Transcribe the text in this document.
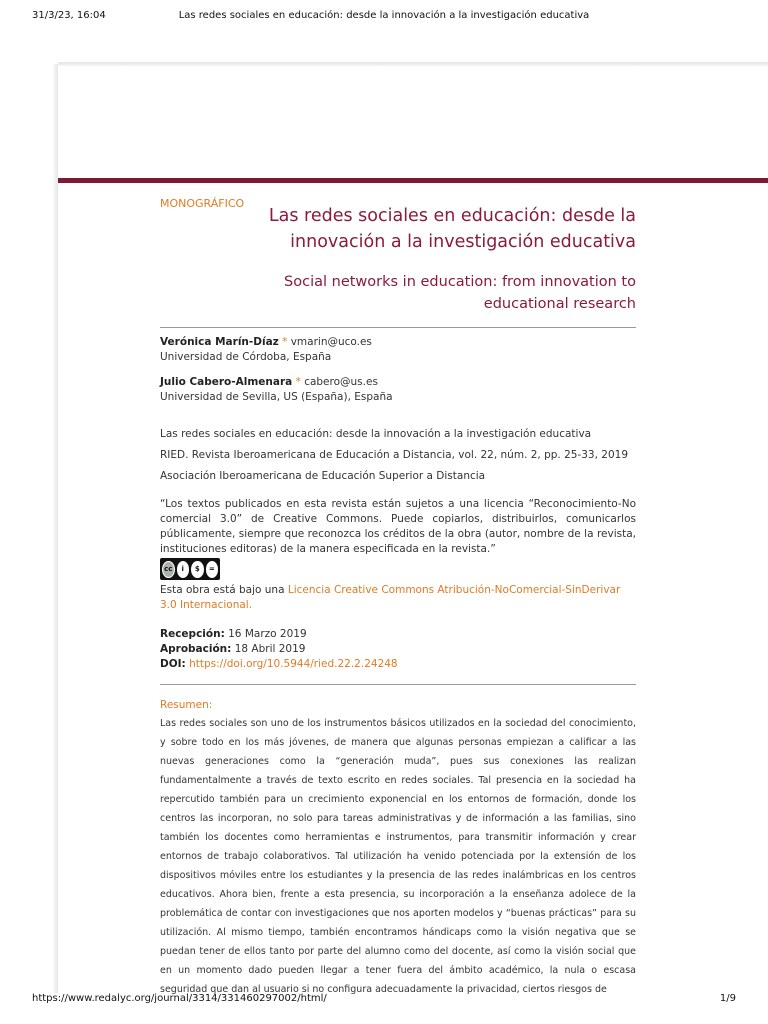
31/3/23, 16:04	Las redes sociales en educación: desde la innovación a la investigación educativa
MONOGRÁFICO
Las redes sociales en educación: desde la innovación a la investigación educativa
Social networks in education: from innovation to educational research
Verónica Marín-Díaz * vmarin@uco.es
Universidad de Córdoba, España
Julio Cabero-Almenara * cabero@us.es
Universidad de Sevilla, US (España), España
Las redes sociales en educación: desde la innovación a la investigación educativa
RIED. Revista Iberoamericana de Educación a Distancia, vol. 22, núm. 2, pp. 25-33, 2019
Asociación Iberoamericana de Educación Superior a Distancia
“Los textos publicados en esta revista están sujetos a una licencia “Reconocimiento-No comercial 3.0” de Creative Commons. Puede copiarlos, distribuirlos, comunicarlos públicamente, siempre que reconozca los créditos de la obra (autor, nombre de la revista, instituciones editoras) de la manera especificada en la revista.”
cc	i	$	=
Esta obra está bajo una Licencia Creative Commons Atribución-NoComercial-SinDerivar 3.0 Internacional.
Recepción: 16 Marzo 2019
Aprobación: 18 Abril 2019
DOI: https://doi.org/10.5944/ried.22.2.24248
Resumen:
Las redes sociales son uno de los instrumentos básicos utilizados en la sociedad del conocimiento, y sobre todo en los más jóvenes, de manera que algunas personas empiezan a calificar a las nuevas generaciones como la “generación muda”, pues sus conexiones las realizan fundamentalmente a través de texto escrito en redes sociales. Tal presencia en la sociedad ha repercutido también para un crecimiento exponencial en los entornos de formación, donde los centros las incorporan, no solo para tareas administrativas y de información a las familias, sino también los docentes como herramientas e instrumentos, para transmitir información y crear entornos de trabajo colaborativos. Tal utilización ha venido potenciada por la extensión de los dispositivos móviles entre los estudiantes y la presencia de las redes inalámbricas en los centros educativos. Ahora bien, frente a esta presencia, su incorporación a la enseñanza adolece de la problemática de contar con investigaciones que nos aporten modelos y “buenas prácticas” para su utilización. Al mismo tiempo, también encontramos hándicaps como la visión negativa que se puedan tener de ellos tanto por parte del alumno como del docente, así como la visión social que en un momento dado pueden llegar a tener fuera del ámbito académico, la nula o escasa seguridad que dan al usuario si no configura adecuadamente la privacidad, ciertos riesgos de
https://www.redalyc.org/journal/3314/331460297002/html/	1/9
